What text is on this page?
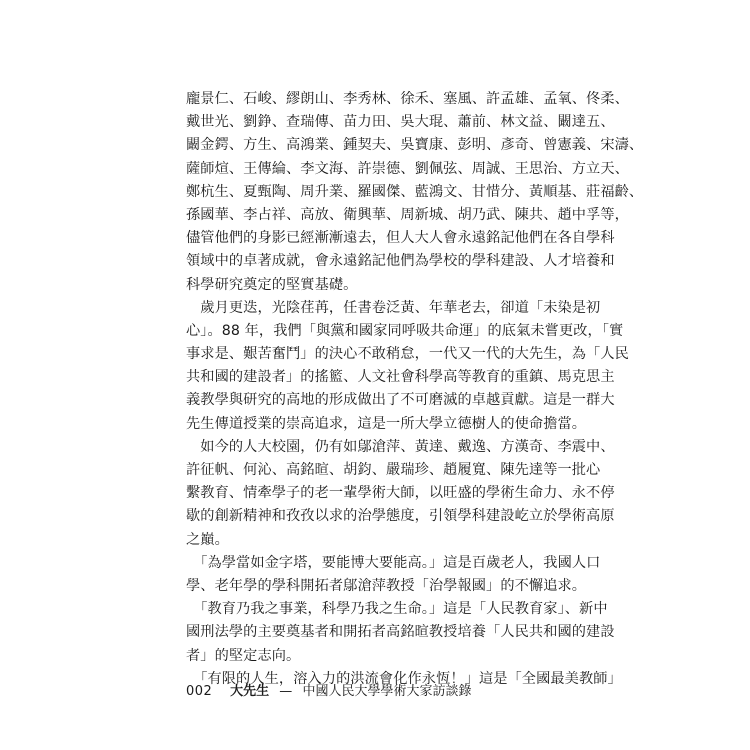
龐景仁、石峻、繆朗山、李秀林、徐禾、塞風、許孟雄、孟氧、佟柔、
戴世光、劉錚、查瑞傳、苗力田、吳大琨、蕭前、林文益、闞達五、
闞金鍔、方生、高鴻業、鍾契夫、吳寶康、彭明、彥奇、曾憲義、宋濤、
薩師煊、王傳綸、李文海、許崇德、劉佩弦、周誠、王思治、方立天、
鄭杭生、夏甄陶、周升業、羅國傑、藍鴻文、甘惜分、黃順基、莊福齡、
孫國華、李占祥、高放、衛興華、周新城、胡乃武、陳共、趙中孚等，
儘管他們的身影已經漸漸遠去，但人大人會永遠銘記他們在各自學科
領域中的卓著成就，會永遠銘記他們為學校的學科建設、人才培養和
科學研究奠定的堅實基礎。
　歲月更迭，光陰荏苒，任書卷泛黃、年華老去，卻道「未染是初
心」。88 年，我們「與黨和國家同呼吸共命運」的底氣未嘗更改，「實
事求是、艱苦奮鬥」的決心不敢稍怠，一代又一代的大先生，為「人民
共和國的建設者」的搖籃、人文社會科學高等教育的重鎮、馬克思主
義教學與研究的高地的形成做出了不可磨滅的卓越貢獻。這是一群大
先生傳道授業的崇高追求，這是一所大學立德樹人的使命擔當。
　如今的人大校園，仍有如鄔滄萍、黃達、戴逸、方漢奇、李震中、
許征帆、何沁、高銘暄、胡鈞、嚴瑞珍、趙履寬、陳先達等一批心
繫教育、情牽學子的老一輩學術大師，以旺盛的學術生命力、永不停
歇的創新精神和孜孜以求的治學態度，引領學科建設屹立於學術高原
之巔。
　「為學當如金字塔，要能博大要能高。」這是百歲老人，我國人口
學、老年學的學科開拓者鄔滄萍教授「治學報國」的不懈追求。
　「教育乃我之事業，科學乃我之生命。」這是「人民教育家」、新中
國刑法學的主要奠基者和開拓者高銘暄教授培養「人民共和國的建設
者」的堅定志向。
　「有限的人生，溶入力的洪流會化作永恆！」這是「全國最美教師」
002 大先生 — 中國人民大學學術大家訪談錄
